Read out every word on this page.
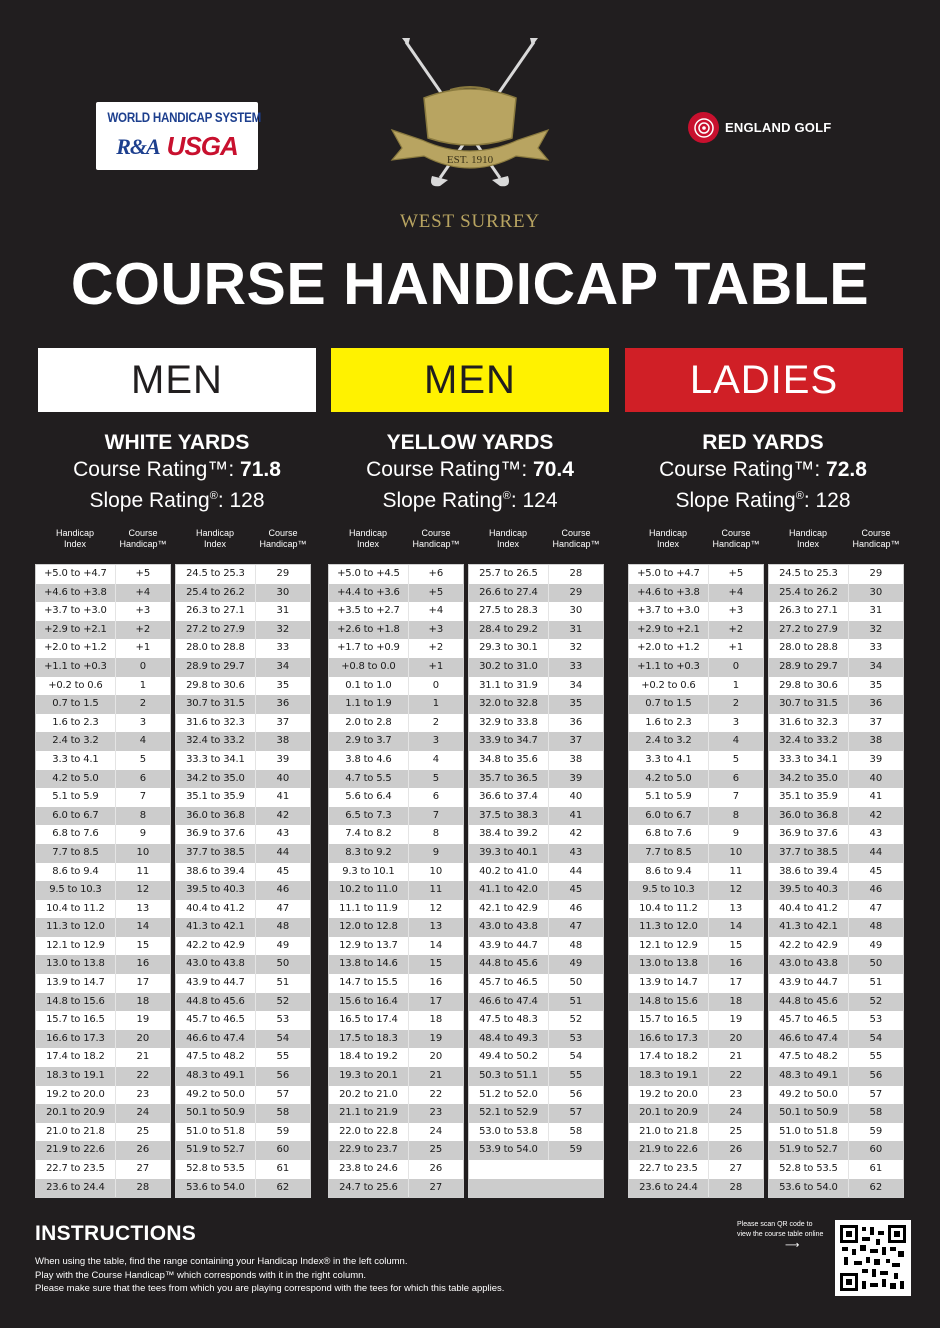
WORLD HANDICAP SYSTEM
R&A USGA	EST. 1910
WEST SURREY
ENGLAND GOLF
COURSE HANDICAP TABLE
MEN	MEN	LADIES
WHITE YARDS
Course Rating™: 71.8
Slope Rating®: 128
YELLOW YARDS
Course Rating™: 70.4
Slope Rating®: 124
RED YARDS
Course Rating™: 72.8
Slope Rating®: 128
Handicap
Index
Course
Handicap™
+5.0 to +4.7	+5
+4.6 to +3.8	+4
+3.7 to +3.0	+3
+2.9 to +2.1	+2
+2.0 to +1.2	+1
+1.1 to +0.3	0
+0.2 to 0.6	1
0.7 to 1.5	2
1.6 to 2.3	3
2.4 to 3.2	4
3.3 to 4.1	5
4.2 to 5.0	6
5.1 to 5.9	7
6.0 to 6.7	8
6.8 to 7.6	9
7.7 to 8.5	10
8.6 to 9.4	11
9.5 to 10.3	12
10.4 to 11.2	13
11.3 to 12.0	14
12.1 to 12.9	15
13.0 to 13.8	16
13.9 to 14.7	17
14.8 to 15.6	18
15.7 to 16.5	19
16.6 to 17.3	20
17.4 to 18.2	21
18.3 to 19.1	22
19.2 to 20.0	23
20.1 to 20.9	24
21.0 to 21.8	25
21.9 to 22.6	26
22.7 to 23.5	27
23.6 to 24.4	28
Handicap
Index
Course
Handicap™
24.5 to 25.3	29
25.4 to 26.2	30
26.3 to 27.1	31
27.2 to 27.9	32
28.0 to 28.8	33
28.9 to 29.7	34
29.8 to 30.6	35
30.7 to 31.5	36
31.6 to 32.3	37
32.4 to 33.2	38
33.3 to 34.1	39
34.2 to 35.0	40
35.1 to 35.9	41
36.0 to 36.8	42
36.9 to 37.6	43
37.7 to 38.5	44
38.6 to 39.4	45
39.5 to 40.3	46
40.4 to 41.2	47
41.3 to 42.1	48
42.2 to 42.9	49
43.0 to 43.8	50
43.9 to 44.7	51
44.8 to 45.6	52
45.7 to 46.5	53
46.6 to 47.4	54
47.5 to 48.2	55
48.3 to 49.1	56
49.2 to 50.0	57
50.1 to 50.9	58
51.0 to 51.8	59
51.9 to 52.7	60
52.8 to 53.5	61
53.6 to 54.0	62
Handicap
Index
Course
Handicap™
+5.0 to +4.5	+6
+4.4 to +3.6	+5
+3.5 to +2.7	+4
+2.6 to +1.8	+3
+1.7 to +0.9	+2
+0.8 to 0.0	+1
0.1 to 1.0	0
1.1 to 1.9	1
2.0 to 2.8	2
2.9 to 3.7	3
3.8 to 4.6	4
4.7 to 5.5	5
5.6 to 6.4	6
6.5 to 7.3	7
7.4 to 8.2	8
8.3 to 9.2	9
9.3 to 10.1	10
10.2 to 11.0	11
11.1 to 11.9	12
12.0 to 12.8	13
12.9 to 13.7	14
13.8 to 14.6	15
14.7 to 15.5	16
15.6 to 16.4	17
16.5 to 17.4	18
17.5 to 18.3	19
18.4 to 19.2	20
19.3 to 20.1	21
20.2 to 21.0	22
21.1 to 21.9	23
22.0 to 22.8	24
22.9 to 23.7	25
23.8 to 24.6	26
24.7 to 25.6	27
Handicap
Index
Course
Handicap™
25.7 to 26.5	28
26.6 to 27.4	29
27.5 to 28.3	30
28.4 to 29.2	31
29.3 to 30.1	32
30.2 to 31.0	33
31.1 to 31.9	34
32.0 to 32.8	35
32.9 to 33.8	36
33.9 to 34.7	37
34.8 to 35.6	38
35.7 to 36.5	39
36.6 to 37.4	40
37.5 to 38.3	41
38.4 to 39.2	42
39.3 to 40.1	43
40.2 to 41.0	44
41.1 to 42.0	45
42.1 to 42.9	46
43.0 to 43.8	47
43.9 to 44.7	48
44.8 to 45.6	49
45.7 to 46.5	50
46.6 to 47.4	51
47.5 to 48.3	52
48.4 to 49.3	53
49.4 to 50.2	54
50.3 to 51.1	55
51.2 to 52.0	56
52.1 to 52.9	57
53.0 to 53.8	58
53.9 to 54.0	59
Handicap
Index
Course
Handicap™
+5.0 to +4.7	+5
+4.6 to +3.8	+4
+3.7 to +3.0	+3
+2.9 to +2.1	+2
+2.0 to +1.2	+1
+1.1 to +0.3	0
+0.2 to 0.6	1
0.7 to 1.5	2
1.6 to 2.3	3
2.4 to 3.2	4
3.3 to 4.1	5
4.2 to 5.0	6
5.1 to 5.9	7
6.0 to 6.7	8
6.8 to 7.6	9
7.7 to 8.5	10
8.6 to 9.4	11
9.5 to 10.3	12
10.4 to 11.2	13
11.3 to 12.0	14
12.1 to 12.9	15
13.0 to 13.8	16
13.9 to 14.7	17
14.8 to 15.6	18
15.7 to 16.5	19
16.6 to 17.3	20
17.4 to 18.2	21
18.3 to 19.1	22
19.2 to 20.0	23
20.1 to 20.9	24
21.0 to 21.8	25
21.9 to 22.6	26
22.7 to 23.5	27
23.6 to 24.4	28
Handicap
Index
Course
Handicap™
24.5 to 25.3	29
25.4 to 26.2	30
26.3 to 27.1	31
27.2 to 27.9	32
28.0 to 28.8	33
28.9 to 29.7	34
29.8 to 30.6	35
30.7 to 31.5	36
31.6 to 32.3	37
32.4 to 33.2	38
33.3 to 34.1	39
34.2 to 35.0	40
35.1 to 35.9	41
36.0 to 36.8	42
36.9 to 37.6	43
37.7 to 38.5	44
38.6 to 39.4	45
39.5 to 40.3	46
40.4 to 41.2	47
41.3 to 42.1	48
42.2 to 42.9	49
43.0 to 43.8	50
43.9 to 44.7	51
44.8 to 45.6	52
45.7 to 46.5	53
46.6 to 47.4	54
47.5 to 48.2	55
48.3 to 49.1	56
49.2 to 50.0	57
50.1 to 50.9	58
51.0 to 51.8	59
51.9 to 52.7	60
52.8 to 53.5	61
53.6 to 54.0	62
INSTRUCTIONS
When using the table, find the range containing your Handicap Index® in the left column.
Play with the Course Handicap™ which corresponds with it in the right column.
Please make sure that the tees from which you are playing correspond with the tees for which this table applies.
Please scan QR code to view the course table online
⟶
